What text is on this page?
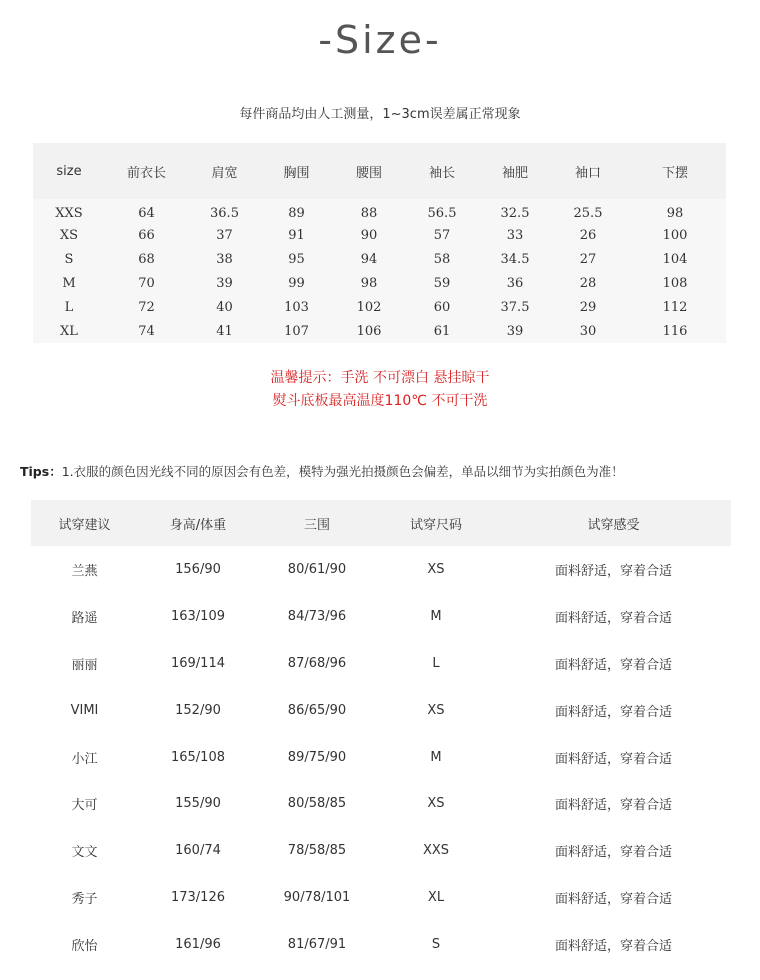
-Size-
每件商品均由人工测量，1~3cm误差属正常现象
size	前衣长	肩宽	胸围	腰围	袖长	袖肥	袖口	下摆
XXS	64	36.5	89	88	56.5	32.5	25.5	98
XS	66	37	91	90	57	33	26	100
S	68	38	95	94	58	34.5	27	104
M	70	39	99	98	59	36	28	108
L	72	40	103	102	60	37.5	29	112
XL	74	41	107	106	61	39	30	116
温馨提示：手洗 不可漂白 悬挂晾干
熨斗底板最高温度110℃ 不可干洗
Tips：1.衣服的颜色因光线不同的原因会有色差，模特为强光拍摄颜色会偏差，单品以细节为实拍颜色为准！
试穿建议	身高/体重	三围	试穿尺码	试穿感受
兰燕	156/90	80/61/90	XS	面料舒适，穿着合适
路遥	163/109	84/73/96	M	面料舒适，穿着合适
丽丽	169/114	87/68/96	L	面料舒适，穿着合适
VIMI	152/90	86/65/90	XS	面料舒适，穿着合适
小江	165/108	89/75/90	M	面料舒适，穿着合适
大可	155/90	80/58/85	XS	面料舒适，穿着合适
文文	160/74	78/58/85	XXS	面料舒适，穿着合适
秀子	173/126	90/78/101	XL	面料舒适，穿着合适
欣怡	161/96	81/67/91	S	面料舒适，穿着合适
